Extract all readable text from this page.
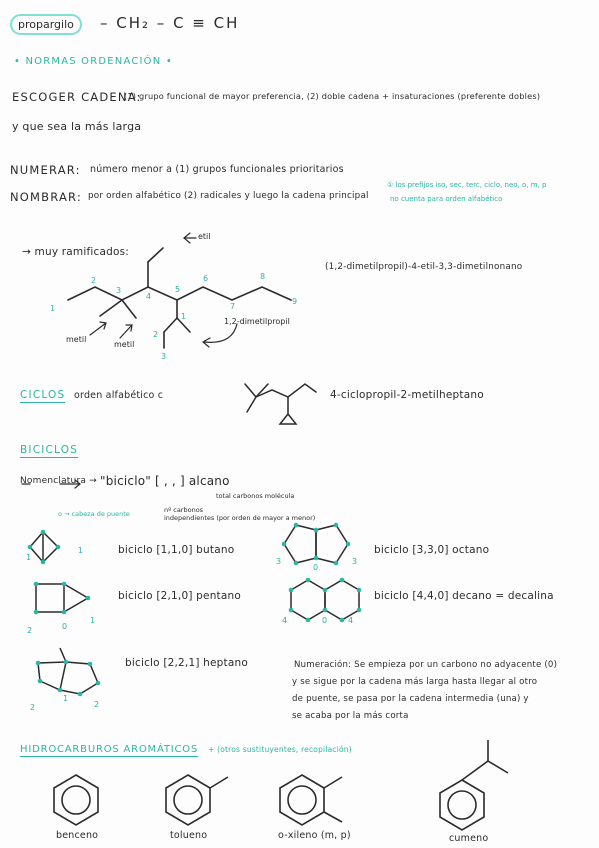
propargilo	– CH₂ – C ≡ CH
• NORMAS ORDENACIÓN •
ESCOGER CADENA:
(1) grupo funcional de mayor preferencia, (2) doble cadena + insaturaciones (preferente dobles)
y que sea la más larga
NUMERAR: número menor a (1) grupos funcionales prioritarios
NOMBRAR: por orden alfabético (2) radicales y luego la cadena principal
① los prefijos iso, sec, terc, ciclo, neo, o, m, p
no cuenta para orden alfabético
→ muy ramificados:
1
2
3
4
5
6
7
8
9
1
2
3
etil
metil
metil
1,2-dimetilpropil
(1,2-dimetilpropil)-4-etil-3,3-dimetilnonano
CICLOS orden alfabético c	4-ciclopropil-2-metilheptano
BICICLOS
Nomenclatura → "biciclo" [ , , ] alcano
total carbonos molécula
o → cabeza de puente	nº carbonos
independientes (por orden de mayor a menor)
biciclo [1,1,0] butano
biciclo [2,1,0] pentano
biciclo [2,2,1] heptano
biciclo [3,3,0] octano
biciclo [4,4,0] decano = decalina
1
1
2	0
1
2
1
2
3
0
3
4	0	4
Numeración: Se empieza por un carbono no adyacente (0)
y se sigue por la cadena más larga hasta llegar al otro
de puente, se pasa por la cadena intermedia (una) y
se acaba por la más corta
HIDROCARBUROS AROMÁTICOS + (otros sustituyentes, recopilación)
benceno	tolueno	o-xileno (m, p)	cumeno
